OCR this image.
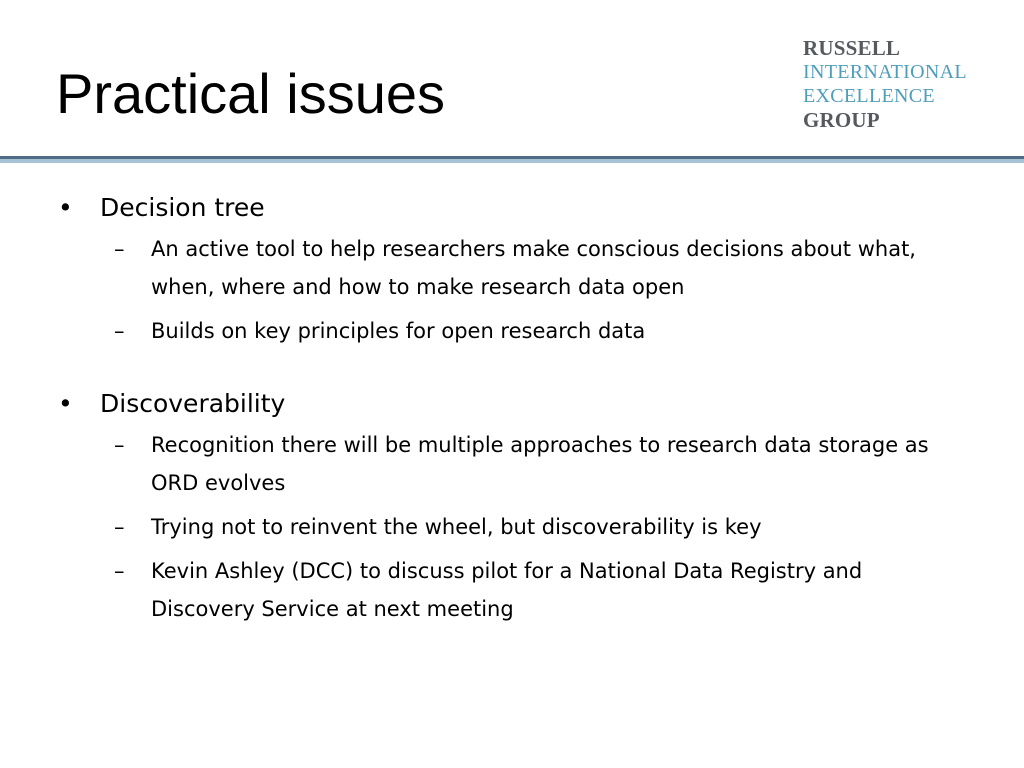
Practical issues
RUSSELL
INTERNATIONAL
EXCELLENCE
GROUP

• Decision tree

– An active tool to help researchers make conscious decisions about what, when, where and how to make research data open

– Builds on key principles for open research data

• Discoverability

– Recognition there will be multiple approaches to research data storage as ORD evolves

– Trying not to reinvent the wheel, but discoverability is key

– Kevin Ashley (DCC) to discuss pilot for a National Data Registry and Discovery Service at next meeting
